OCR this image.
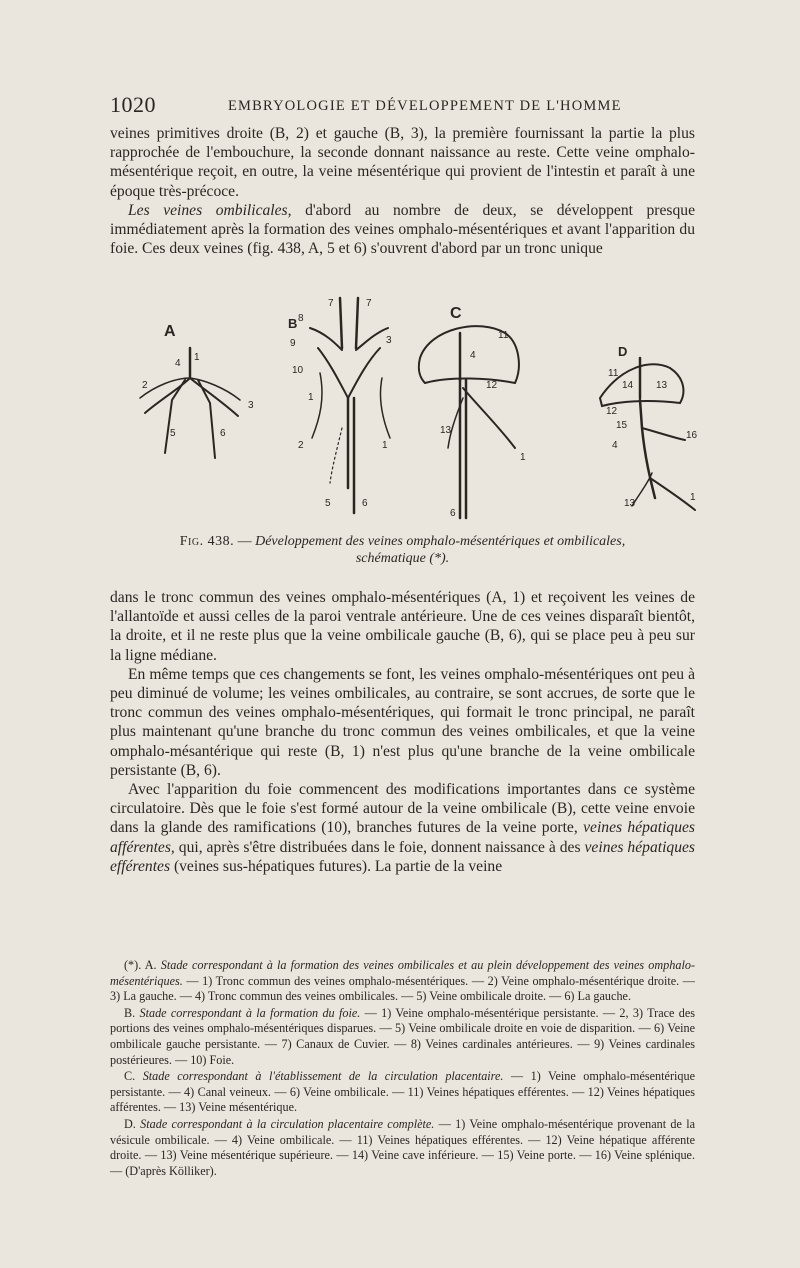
1020	EMBRYOLOGIE ET DÉVELOPPEMENT DE L'HOMME

veines primitives droite (B, 2) et gauche (B, 3), la première fournissant la partie la plus rapprochée de l'embouchure, la seconde donnant naissance au reste. Cette veine omphalo-mésentérique reçoit, en outre, la veine mésentérique qui provient de l'intestin et paraît à une époque très-précoce.

Les veines ombilicales, d'abord au nombre de deux, se développent presque immédiatement après la formation des veines omphalo-mésentériques et avant l'apparition du foie. Ces deux veines (fig. 438, A, 5 et 6) s'ouvrent d'abord par un tronc unique

A
4
1
2
3
5	6
B 8
7	7
9
10
1
3
2	1
5	6
C
11
4
12
13
1
6
D
11
14 13
12
15
16
4
13
1
Fig. 438. — Développement des veines omphalo-mésentériques et ombilicales,
schématique (*).

dans le tronc commun des veines omphalo-mésentériques (A, 1) et reçoivent les veines de l'allantoïde et aussi celles de la paroi ventrale antérieure. Une de ces veines disparaît bientôt, la droite, et il ne reste plus que la veine ombilicale gauche (B, 6), qui se place peu à peu sur la ligne médiane.

En même temps que ces changements se font, les veines omphalo-mésentériques ont peu à peu diminué de volume; les veines ombilicales, au contraire, se sont accrues, de sorte que le tronc commun des veines omphalo-mésentériques, qui formait le tronc principal, ne paraît plus maintenant qu'une branche du tronc commun des veines ombilicales, et que la veine omphalo-mésantérique qui reste (B, 1) n'est plus qu'une branche de la veine ombilicale persistante (B, 6).

Avec l'apparition du foie commencent des modifications importantes dans ce système circulatoire. Dès que le foie s'est formé autour de la veine ombilicale (B), cette veine envoie dans la glande des ramifications (10), branches futures de la veine porte, veines hépatiques afférentes, qui, après s'être distribuées dans le foie, donnent naissance à des veines hépatiques efférentes (veines sus-hépatiques futures). La partie de la veine

(*). A. Stade correspondant à la formation des veines ombilicales et au plein développement des veines omphalo-mésentériques. — 1) Tronc commun des veines omphalo-mésentériques. — 2) Veine omphalo-mésentérique droite. — 3) La gauche. — 4) Tronc commun des veines ombilicales. — 5) Veine ombilicale droite. — 6) La gauche.

B. Stade correspondant à la formation du foie. — 1) Veine omphalo-mésentérique persistante. — 2, 3) Trace des portions des veines omphalo-mésentériques disparues. — 5) Veine ombilicale droite en voie de disparition. — 6) Veine ombilicale gauche persistante. — 7) Canaux de Cuvier. — 8) Veines cardinales antérieures. — 9) Veines cardinales postérieures. — 10) Foie.

C. Stade correspondant à l'établissement de la circulation placentaire. — 1) Veine omphalo-mésentérique persistante. — 4) Canal veineux. — 6) Veine ombilicale. — 11) Veines hépatiques efférentes. — 12) Veines hépatiques afférentes. — 13) Veine mésentérique.

D. Stade correspondant à la circulation placentaire complète. — 1) Veine omphalo-mésentérique provenant de la vésicule ombilicale. — 4) Veine ombilicale. — 11) Veines hépatiques efférentes. — 12) Veine hépatique afférente droite. — 13) Veine mésentérique supérieure. — 14) Veine cave inférieure. — 15) Veine porte. — 16) Veine splénique. — (D'après Kölliker).
